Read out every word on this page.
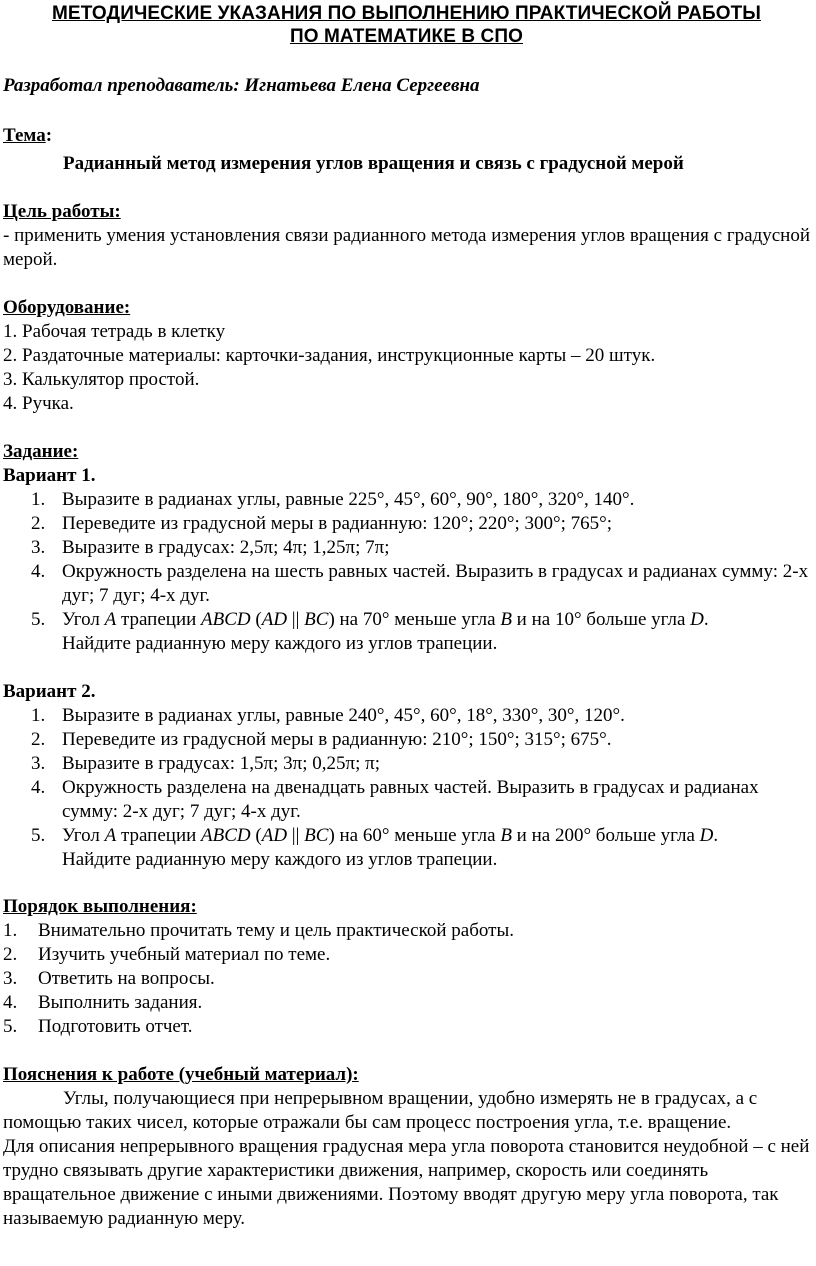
МЕТОДИЧЕСКИЕ УКАЗАНИЯ ПО ВЫПОЛНЕНИЮ ПРАКТИЧЕСКОЙ РАБОТЫ
ПО МАТЕМАТИКЕ В СПО

Разработал преподаватель: Игнатьева Елена Сергеевна

Тема:

Радианный метод измерения углов вращения и связь с градусной мерой

Цель работы:

- применить умения установления связи радианного метода измерения углов вращения с градусной мерой.

Оборудование:

1. Рабочая тетрадь в клетку

2. Раздаточные материалы: карточки-задания, инструкционные карты – 20 штук.

3. Калькулятор простой.

4. Ручка.

Задание:

Вариант 1.

1. Выразите в радианах углы, равные 225°, 45°, 60°, 90°, 180°, 320°, 140°.
2. Переведите из градусной меры в радианную: 120°; 220°; 300°; 765°;
3. Выразите в градусах: 2,5π; 4π; 1,25π; 7π;
4. Окружность разделена на шесть равных частей. Выразить в градусах и радианах сумму: 2-х дуг; 7 дуг; 4-х дуг.
5. Угол A трапеции ABCD (AD || BC) на 70° меньше угла B и на 10° больше угла D.
Найдите радианную меру каждого из углов трапеции.

Вариант 2.

1. Выразите в радианах углы, равные 240°, 45°, 60°, 18°, 330°, 30°, 120°.
2. Переведите из градусной меры в радианную: 210°; 150°; 315°; 675°.
3. Выразите в градусах: 1,5π; 3π; 0,25π; π;
4. Окружность разделена на двенадцать равных частей. Выразить в градусах и радианах сумму: 2-х дуг; 7 дуг; 4-х дуг.
5. Угол A трапеции ABCD (AD || BC) на 60° меньше угла B и на 200° больше угла D.
Найдите радианную меру каждого из углов трапеции.

Порядок выполнения:

1. Внимательно прочитать тему и цель практической работы.
2. Изучить учебный материал по теме.
3. Ответить на вопросы.
4. Выполнить задания.
5. Подготовить отчет.

Пояснения к работе (учебный материал):

Углы, получающиеся при непрерывном вращении, удобно измерять не в градусах, а с помощью таких чисел, которые отражали бы сам процесс построения угла, т.е. вращение.

Для описания непрерывного вращения градусная мера угла поворота становится неудобной – с ней трудно связывать другие характеристики движения, например, скорость или соединять вращательное движение с иными движениями. Поэтому вводят другую меру угла поворота, так называемую радианную меру.
